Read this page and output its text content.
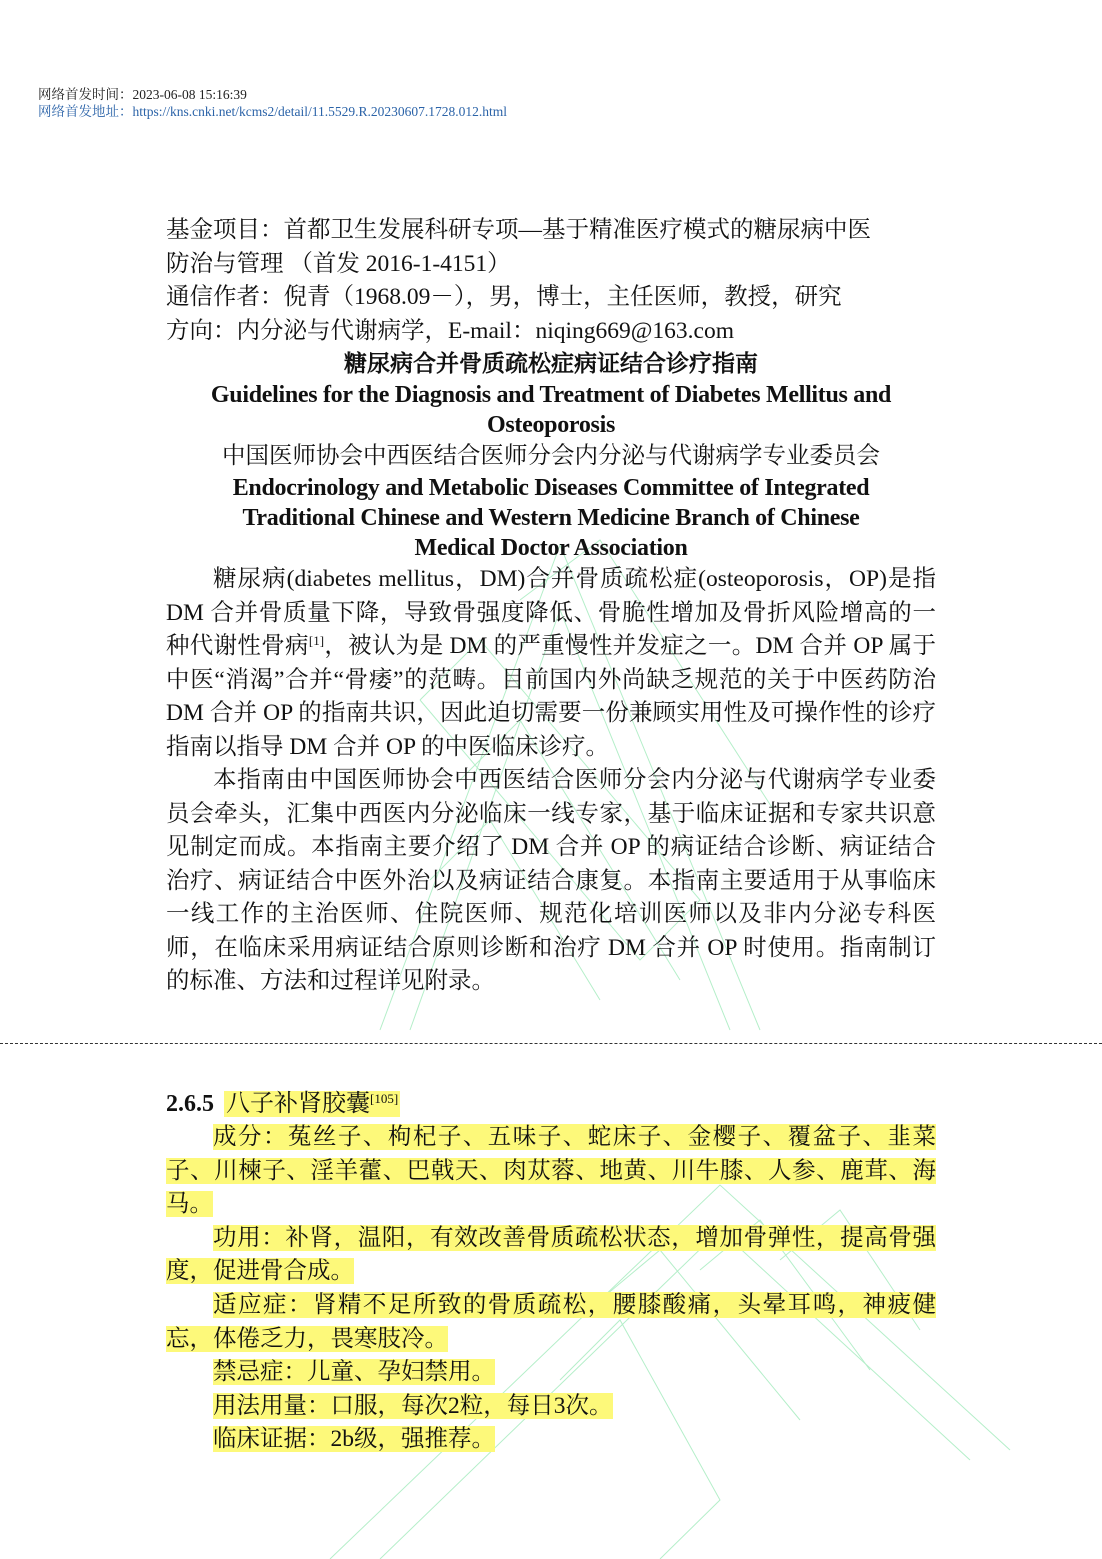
网络首发时间：2023-06-08 15:16:39
网络首发地址：https://kns.cnki.net/kcms2/detail/11.5529.R.20230607.1728.012.html

基金项目：首都卫生发展科研专项—基于精准医疗模式的糖尿病中医

防治与管理 （首发 2016-1-4151）

通信作者：倪青（1968.09－），男，博士，主任医师，教授，研究

方向：内分泌与代谢病学，E-mail：niqing669@163.com

糖尿病合并骨质疏松症病证结合诊疗指南

Guidelines for the Diagnosis and Treatment of Diabetes Mellitus and

Osteoporosis

中国医师协会中西医结合医师分会内分泌与代谢病学专业委员会

Endocrinology and Metabolic Diseases Committee of Integrated

Traditional Chinese and Western Medicine Branch of Chinese

Medical Doctor Association

糖尿病(diabetes mellitus，DM)合并骨质疏松症(osteoporosis，OP)是指 DM 合并骨质量下降，导致骨强度降低、骨脆性增加及骨折风险增高的一种代谢性骨病[1]，被认为是 DM 的严重慢性并发症之一。DM 合并 OP 属于中医“消渴”合并“骨痿”的范畴。目前国内外尚缺乏规范的关于中医药防治 DM 合并 OP 的指南共识，因此迫切需要一份兼顾实用性及可操作性的诊疗指南以指导 DM 合并 OP 的中医临床诊疗。

本指南由中国医师协会中西医结合医师分会内分泌与代谢病学专业委员会牵头，汇集中西医内分泌临床一线专家，基于临床证据和专家共识意见制定而成。本指南主要介绍了 DM 合并 OP 的病证结合诊断、病证结合治疗、病证结合中医外治以及病证结合康复。本指南主要适用于从事临床一线工作的主治医师、住院医师、规范化培训医师以及非内分泌专科医师，在临床采用病证结合原则诊断和治疗 DM 合并 OP 时使用。指南制订的标准、方法和过程详见附录。

2.6.5 八子补肾胶囊[105]

成分：菟丝子、枸杞子、五味子、蛇床子、金樱子、覆盆子、韭菜子、川楝子、淫羊藿、巴戟天、肉苁蓉、地黄、川牛膝、人参、鹿茸、海马。

功用：补肾，温阳，有效改善骨质疏松状态，增加骨弹性，提高骨强度，促进骨合成。

适应症：肾精不足所致的骨质疏松，腰膝酸痛，头晕耳鸣，神疲健忘，体倦乏力，畏寒肢冷。

禁忌症：儿童、孕妇禁用。

用法用量：口服，每次2粒，每日3次。

临床证据：2b级，强推荐。
